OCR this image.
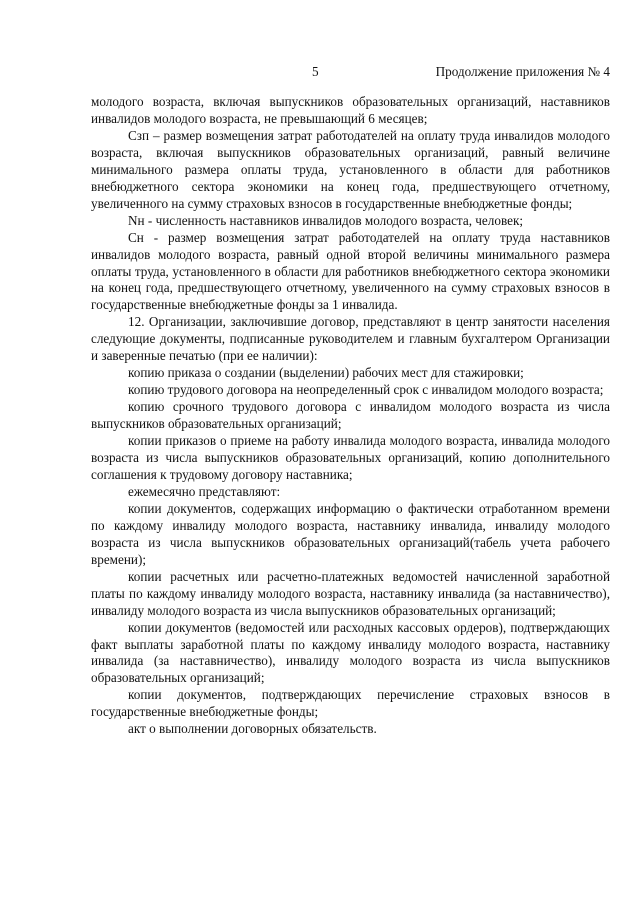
5	Продолжение приложения № 4

молодого возраста, включая выпускников образовательных организаций, наставников инвалидов молодого возраста, не превышающий 6 месяцев;

Сзп – размер возмещения затрат работодателей на оплату труда инвалидов молодого возраста, включая выпускников образовательных организаций, равный величине минимального размера оплаты труда, установленного в области для работников внебюджетного сектора экономики на конец года, предшествующего отчетному, увеличенного на сумму страховых взносов в государственные внебюджетные фонды;

Nн - численность наставников инвалидов молодого возраста, человек;

Сн - размер возмещения затрат работодателей на оплату труда наставников инвалидов молодого возраста, равный одной второй величины минимального размера оплаты труда, установленного в области для работников внебюджетного сектора экономики на конец года, предшествующего отчетному, увеличенного на сумму страховых взносов в государственные внебюджетные фонды за 1 инвалида.

12. Организации, заключившие договор, представляют в центр занятости населения следующие документы, подписанные руководителем и главным бухгалтером Организации и заверенные печатью (при ее наличии):

копию приказа о создании (выделении) рабочих мест для стажировки;

копию трудового договора на неопределенный срок с инвалидом молодого возраста;

копию срочного трудового договора с инвалидом молодого возраста из числа выпускников образовательных организаций;

копии приказов о приеме на работу инвалида молодого возраста, инвалида молодого возраста из числа выпускников образовательных организаций, копию дополнительного соглашения к трудовому договору наставника;

ежемесячно представляют:

копии документов, содержащих информацию о фактически отработанном времени по каждому инвалиду молодого возраста, наставнику инвалида, инвалиду молодого возраста из числа выпускников образовательных организаций(табель учета рабочего времени);

копии расчетных или расчетно-платежных ведомостей начисленной заработной платы по каждому инвалиду молодого возраста, наставнику инвалида (за наставничество), инвалиду молодого возраста из числа выпускников образовательных организаций;

копии документов (ведомостей или расходных кассовых ордеров), подтверждающих факт выплаты заработной платы по каждому инвалиду молодого возраста, наставнику инвалида (за наставничество), инвалиду молодого возраста из числа выпускников образовательных организаций;

копии документов, подтверждающих перечисление страховых взносов в государственные внебюджетные фонды;

акт о выполнении договорных обязательств.
